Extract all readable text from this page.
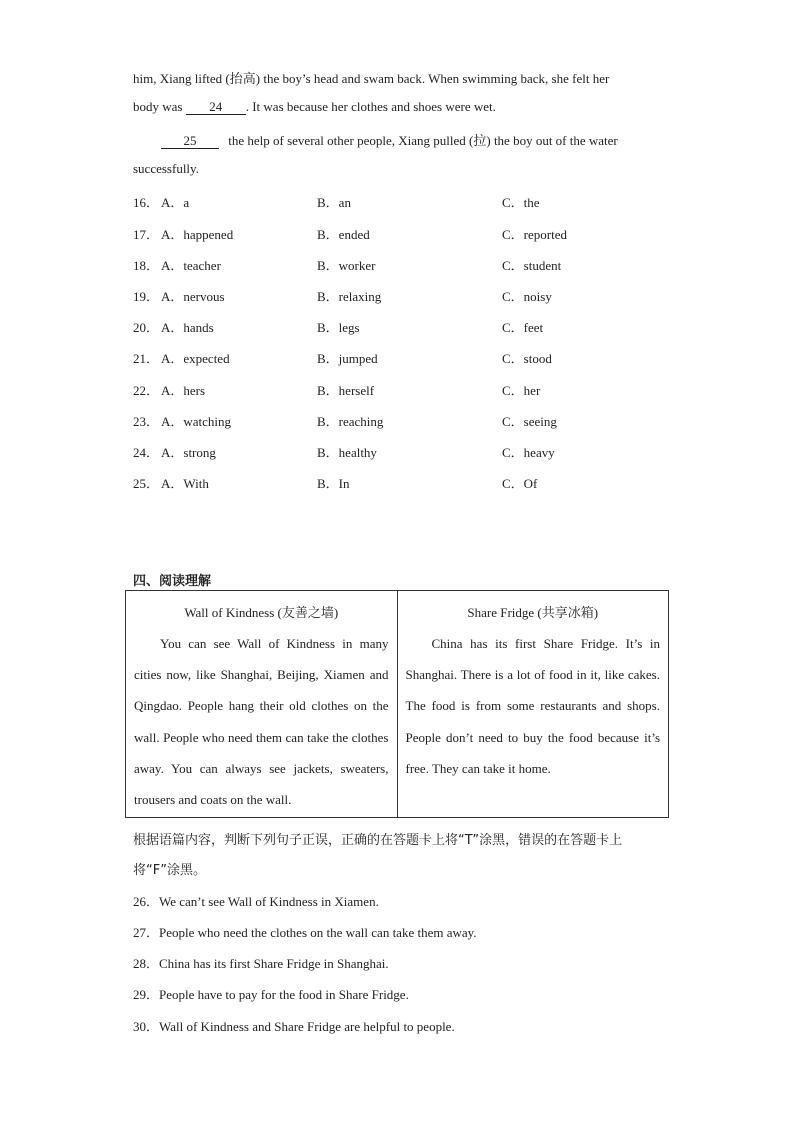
him, Xiang lifted (抬高) the boy’s head and swam back. When swimming back, she felt her
body was 24 . It was because her clothes and shoes were wet.
25 the help of several other people, Xiang pulled (拉) the boy out of the water
successfully.
16． A．a	B．an	C．the
17． A．happened	B．ended	C．reported
18． A．teacher	B．worker	C．student
19． A．nervous	B．relaxing	C．noisy
20． A．hands	B．legs	C．feet
21． A．expected	B．jumped	C．stood
22． A．hers	B．herself	C．her
23． A．watching	B．reaching	C．seeing
24． A．strong	B．healthy	C．heavy
25． A．With	B．In	C．Of
四、阅读理解
Wall of Kindness (友善之墙)
You can see Wall of Kindness in many cities now, like Shanghai, Beijing, Xiamen and Qingdao. People hang their old clothes on the wall. People who need them can take the clothes away. You can always see jackets, sweaters, trousers and coats on the wall.

Share Fridge (共享冰箱)
China has its first Share Fridge. It’s in Shanghai. There is a lot of food in it, like cakes. The food is from some restaurants and shops. People don’t need to buy the food because it’s free. They can take it home.
根据语篇内容，判断下列句子正误，正确的在答题卡上将“T”涂黑，错误的在答题卡上将“F”涂黑。
26．We can’t see Wall of Kindness in Xiamen.
27．People who need the clothes on the wall can take them away.
28．China has its first Share Fridge in Shanghai.
29．People have to pay for the food in Share Fridge.
30．Wall of Kindness and Share Fridge are helpful to people.
